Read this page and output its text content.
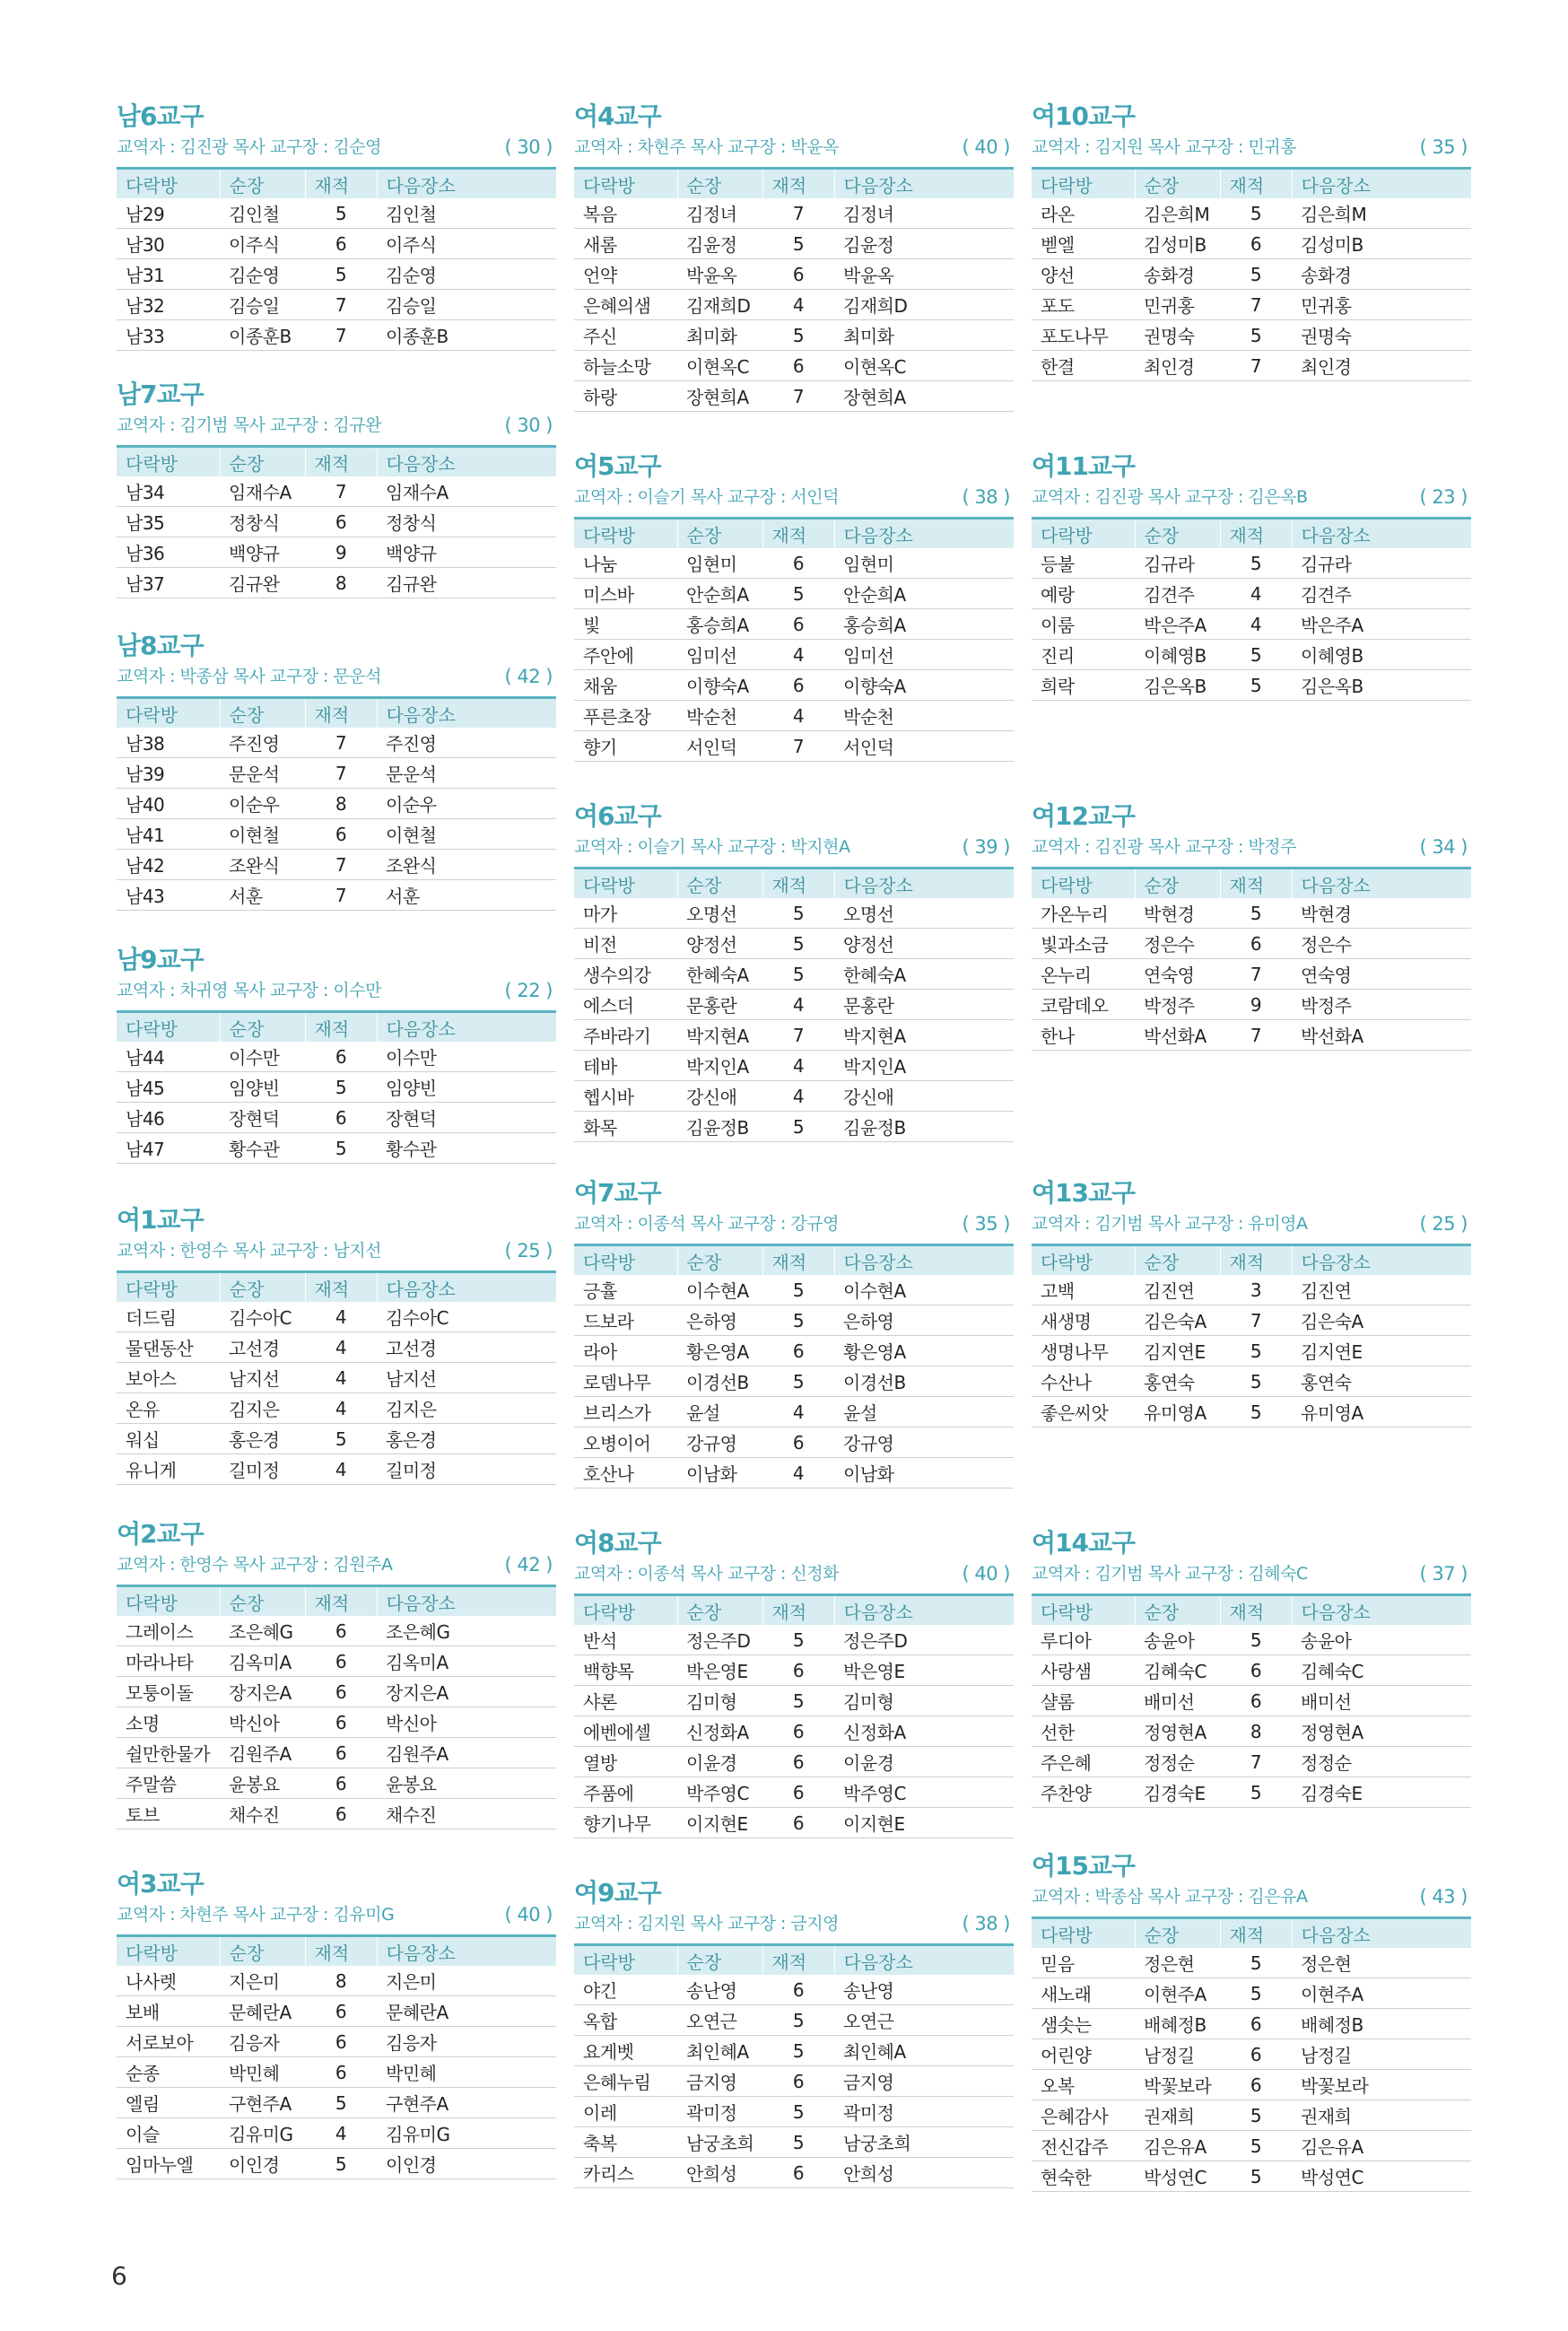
남6교구
교역자 : 김진광 목사 교구장 : 김순영	( 30 )
다락방	순장	재적	다음장소
남29	김인철	5	김인철
남30	이주식	6	이주식
남31	김순영	5	김순영
남32	김승일	7	김승일
남33	이종훈B	7	이종훈B
남7교구
교역자 : 김기범 목사 교구장 : 김규완	( 30 )
다락방	순장	재적	다음장소
남34	임재수A	7	임재수A
남35	정창식	6	정창식
남36	백양규	9	백양규
남37	김규완	8	김규완
남8교구
교역자 : 박종삼 목사 교구장 : 문운석	( 42 )
다락방	순장	재적	다음장소
남38	주진영	7	주진영
남39	문운석	7	문운석
남40	이순우	8	이순우
남41	이현철	6	이현철
남42	조완식	7	조완식
남43	서훈	7	서훈
남9교구
교역자 : 차귀영 목사 교구장 : 이수만	( 22 )
다락방	순장	재적	다음장소
남44	이수만	6	이수만
남45	임양빈	5	임양빈
남46	장현덕	6	장현덕
남47	황수관	5	황수관
여1교구
교역자 : 한영수 목사 교구장 : 남지선	( 25 )
다락방	순장	재적	다음장소
더드림	김수아C	4	김수아C
물댄동산	고선경	4	고선경
보아스	남지선	4	남지선
온유	김지은	4	김지은
워십	홍은경	5	홍은경
유니게	길미정	4	길미정
여2교구
교역자 : 한영수 목사 교구장 : 김원주A	( 42 )
다락방	순장	재적	다음장소
그레이스	조은혜G	6	조은혜G
마라나타	김옥미A	6	김옥미A
모퉁이돌	장지은A	6	장지은A
소명	박신아	6	박신아
쉴만한물가	김원주A	6	김원주A
주말씀	윤봉요	6	윤봉요
토브	채수진	6	채수진
여3교구
교역자 : 차현주 목사 교구장 : 김유미G	( 40 )
다락방	순장	재적	다음장소
나사렛	지은미	8	지은미
보배	문혜란A	6	문혜란A
서로보아	김응자	6	김응자
순종	박민혜	6	박민혜
엘림	구현주A	5	구현주A
이슬	김유미G	4	김유미G
임마누엘	이인경	5	이인경
여4교구
교역자 : 차현주 목사 교구장 : 박윤옥	( 40 )
다락방	순장	재적	다음장소
복음	김정녀	7	김정녀
새롬	김윤정	5	김윤정
언약	박윤옥	6	박윤옥
은혜의샘	김재희D	4	김재희D
주신	최미화	5	최미화
하늘소망	이현옥C	6	이현옥C
하랑	장현희A	7	장현희A
여5교구
교역자 : 이슬기 목사 교구장 : 서인덕	( 38 )
다락방	순장	재적	다음장소
나눔	임현미	6	임현미
미스바	안순희A	5	안순희A
빛	홍승희A	6	홍승희A
주안에	임미선	4	임미선
채움	이향숙A	6	이향숙A
푸른초장	박순천	4	박순천
향기	서인덕	7	서인덕
여6교구
교역자 : 이슬기 목사 교구장 : 박지현A	( 39 )
다락방	순장	재적	다음장소
마가	오명선	5	오명선
비전	양정선	5	양정선
생수의강	한혜숙A	5	한혜숙A
에스더	문홍란	4	문홍란
주바라기	박지현A	7	박지현A
테바	박지인A	4	박지인A
헵시바	강신애	4	강신애
화목	김윤정B	5	김윤정B
여7교구
교역자 : 이종석 목사 교구장 : 강규영	( 35 )
다락방	순장	재적	다음장소
긍휼	이수현A	5	이수현A
드보라	은하영	5	은하영
라아	황은영A	6	황은영A
로뎀나무	이경선B	5	이경선B
브리스가	윤설	4	윤설
오병이어	강규영	6	강규영
호산나	이남화	4	이남화
여8교구
교역자 : 이종석 목사 교구장 : 신정화	( 40 )
다락방	순장	재적	다음장소
반석	정은주D	5	정은주D
백향목	박은영E	6	박은영E
샤론	김미형	5	김미형
에벤에셀	신정화A	6	신정화A
열방	이윤경	6	이윤경
주품에	박주영C	6	박주영C
향기나무	이지현E	6	이지현E
여9교구
교역자 : 김지원 목사 교구장 : 금지영	( 38 )
다락방	순장	재적	다음장소
야긴	송난영	6	송난영
옥합	오연근	5	오연근
요게벳	최인혜A	5	최인혜A
은혜누림	금지영	6	금지영
이레	곽미정	5	곽미정
축복	남궁초희	5	남궁초희
카리스	안희성	6	안희성
여10교구
교역자 : 김지원 목사 교구장 : 민귀홍	( 35 )
다락방	순장	재적	다음장소
라온	김은희M	5	김은희M
벧엘	김성미B	6	김성미B
양선	송화경	5	송화경
포도	민귀홍	7	민귀홍
포도나무	권명숙	5	권명숙
한결	최인경	7	최인경
여11교구
교역자 : 김진광 목사 교구장 : 김은옥B	( 23 )
다락방	순장	재적	다음장소
등불	김규라	5	김규라
예랑	김견주	4	김견주
이룸	박은주A	4	박은주A
진리	이혜영B	5	이혜영B
희락	김은옥B	5	김은옥B
여12교구
교역자 : 김진광 목사 교구장 : 박정주	( 34 )
다락방	순장	재적	다음장소
가온누리	박현경	5	박현경
빛과소금	정은수	6	정은수
온누리	연숙영	7	연숙영
코람데오	박정주	9	박정주
한나	박선화A	7	박선화A
여13교구
교역자 : 김기범 목사 교구장 : 유미영A	( 25 )
다락방	순장	재적	다음장소
고백	김진연	3	김진연
새생명	김은숙A	7	김은숙A
생명나무	김지연E	5	김지연E
수산나	홍연숙	5	홍연숙
좋은씨앗	유미영A	5	유미영A
여14교구
교역자 : 김기범 목사 교구장 : 김혜숙C	( 37 )
다락방	순장	재적	다음장소
루디아	송윤아	5	송윤아
사랑샘	김혜숙C	6	김혜숙C
샬롬	배미선	6	배미선
선한	정영현A	8	정영현A
주은혜	정정순	7	정정순
주찬양	김경숙E	5	김경숙E
여15교구
교역자 : 박종삼 목사 교구장 : 김은유A	( 43 )
다락방	순장	재적	다음장소
믿음	정은현	5	정은현
새노래	이현주A	5	이현주A
샘솟는	배혜정B	6	배혜정B
어린양	남정길	6	남정길
오복	박꽃보라	6	박꽃보라
은혜감사	권재희	5	권재희
전신갑주	김은유A	5	김은유A
현숙한	박성연C	5	박성연C
6
